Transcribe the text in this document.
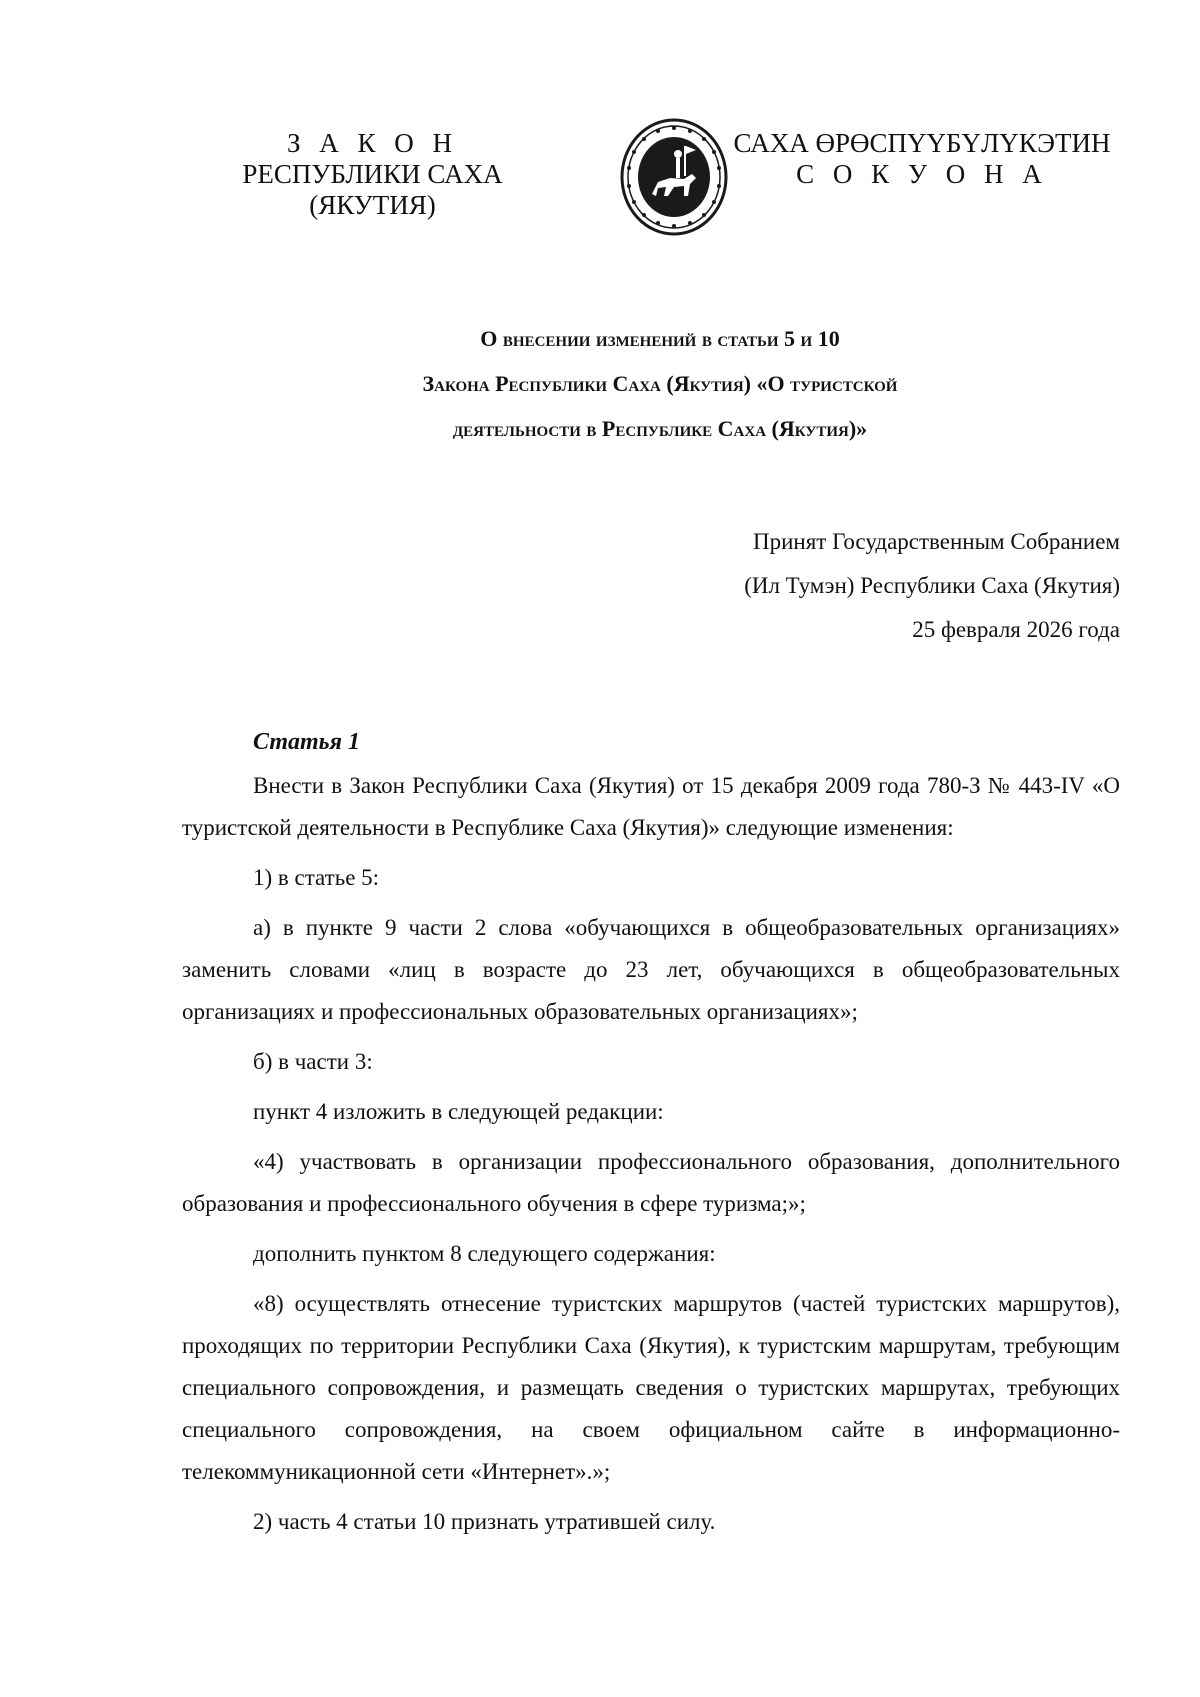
З А К О Н
РЕСПУБЛИКИ САХА (ЯКУТИЯ)
САХА ӨРӨСПҮҮБҮЛҮКЭТИН
С О К У О Н А
О внесении изменений в статьи 5 и 10
Закона Республики Саха (Якутия) «О туристской
деятельности в Республике Саха (Якутия)»
Принят Государственным Собранием
(Ил Тумэн) Республики Саха (Якутия)
25 февраля 2026 года
Статья 1

Внести в Закон Республики Саха (Якутия) от 15 декабря 2009 года 780-З № 443-IV «О туристской деятельности в Республике Саха (Якутия)» следующие изменения:

1) в статье 5:

а) в пункте 9 части 2 слова «обучающихся в общеобразовательных организациях» заменить словами «лиц в возрасте до 23 лет, обучающихся в общеобразовательных организациях и профессиональных образовательных организациях»;

б) в части 3:

пункт 4 изложить в следующей редакции:

«4) участвовать в организации профессионального образования, дополнительного образования и профессионального обучения в сфере туризма;»;

дополнить пунктом 8 следующего содержания:

«8) осуществлять отнесение туристских маршрутов (частей туристских маршрутов), проходящих по территории Республики Саха (Якутия), к туристским маршрутам, требующим специального сопровождения, и размещать сведения о туристских маршрутах, требующих специального сопровождения, на своем официальном сайте в информационно-телекоммуникационной сети «Интернет».»;

2) часть 4 статьи 10 признать утратившей силу.
